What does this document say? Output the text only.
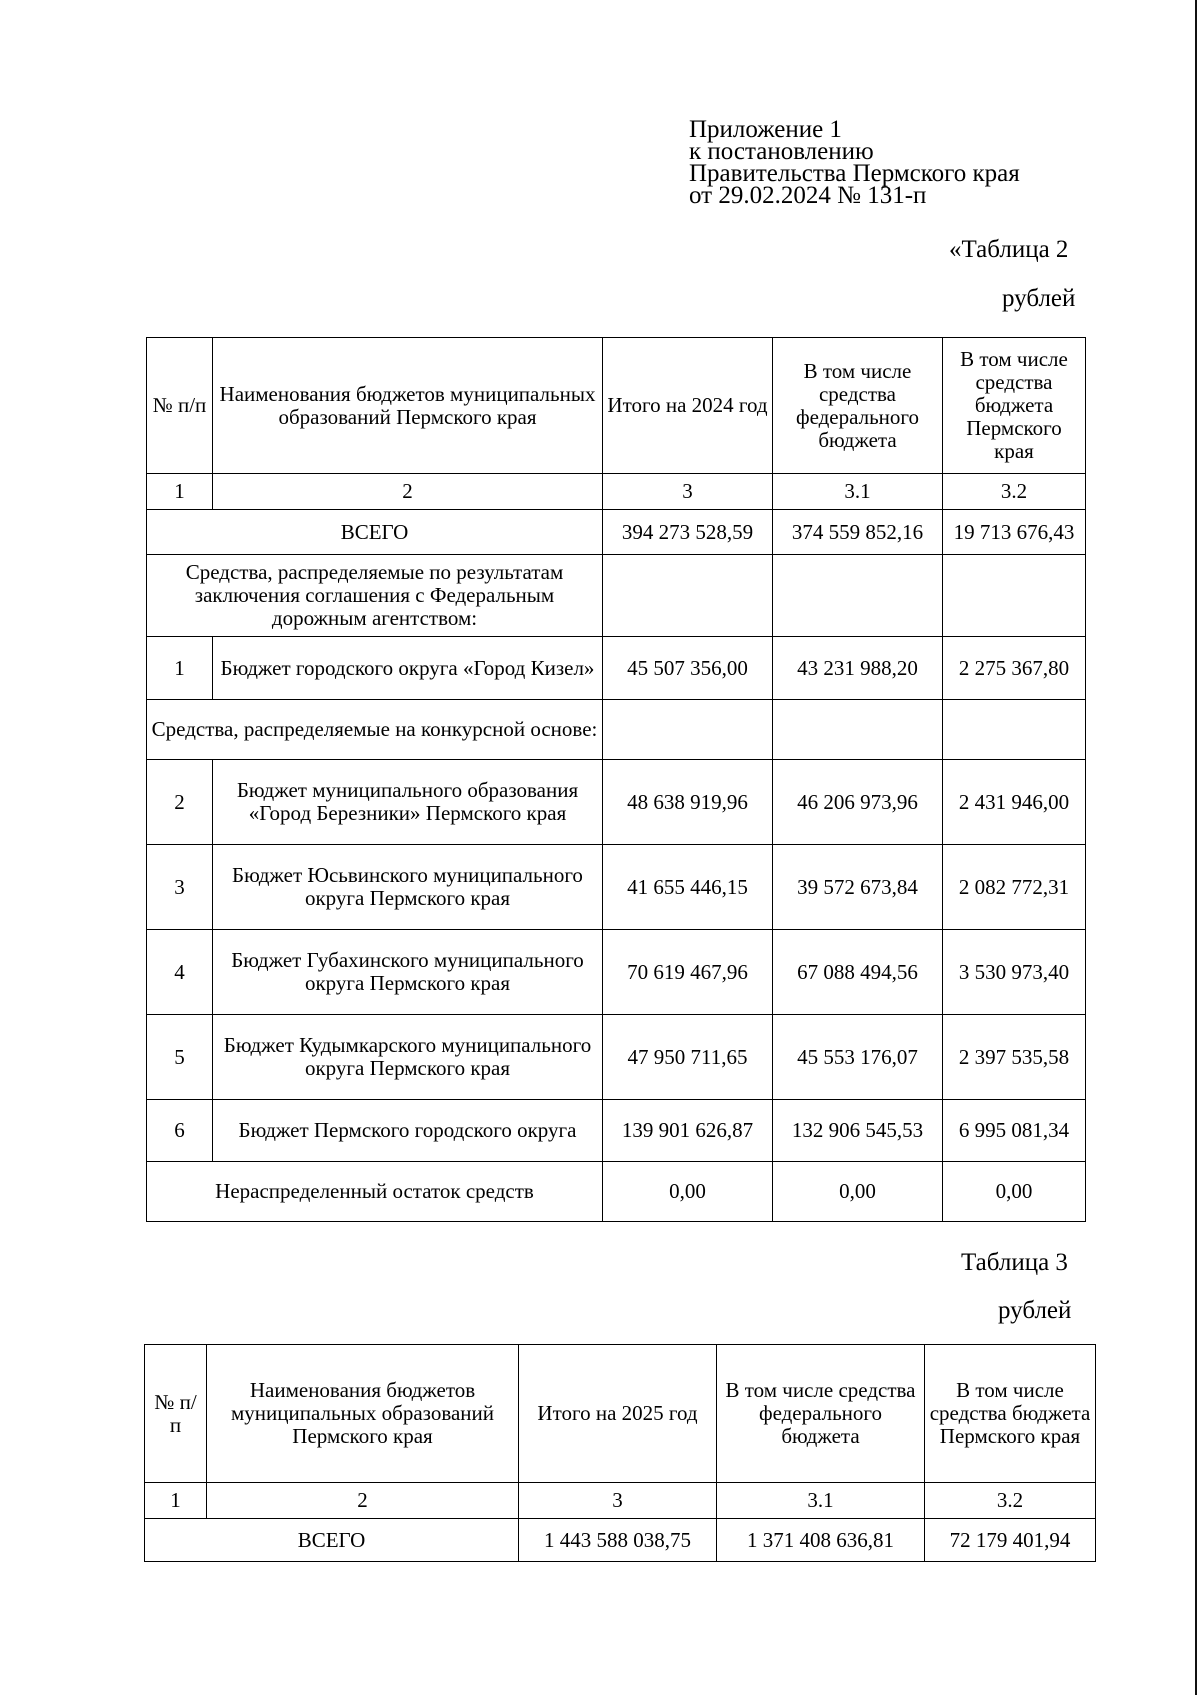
Приложение 1
к постановлению
Правительства Пермского края
от 29.02.2024 № 131-п
«Таблица 2
рублей
№ п/п	Наименования бюджетов муниципальных образований Пермского края	Итого на 2024 год	В том числе средства федерального бюджета	В том числе средства бюджета Пермского края
1	2	3	3.1	3.2
ВСЕГО		394 273 528,59	374 559 852,16	19 713 676,43
Средства, распределяемые по результатам заключения соглашения с Федеральным дорожным агентством:				
1	Бюджет городского округа «Город Кизел»	45 507 356,00	43 231 988,20	2 275 367,80
Средства, распределяемые на конкурсной основе:				
2	Бюджет муниципального образования «Город Березники» Пермского края	48 638 919,96	46 206 973,96	2 431 946,00
3	Бюджет Юсьвинского муниципального округа Пермского края	41 655 446,15	39 572 673,84	2 082 772,31
4	Бюджет Губахинского муниципального округа Пермского края	70 619 467,96	67 088 494,56	3 530 973,40
5	Бюджет Кудымкарского муниципального округа Пермского края	47 950 711,65	45 553 176,07	2 397 535,58
6	Бюджет Пермского городского округа	139 901 626,87	132 906 545,53	6 995 081,34
Нераспределенный остаток средств		0,00	0,00	0,00
Таблица 3
рублей
№ п/п	Наименования бюджетов муниципальных образований Пермского края	Итого на 2025 год	В том числе средства федерального бюджета	В том числе средства бюджета Пермского края
1	2	3	3.1	3.2
ВСЕГО		1 443 588 038,75	1 371 408 636,81	72 179 401,94
